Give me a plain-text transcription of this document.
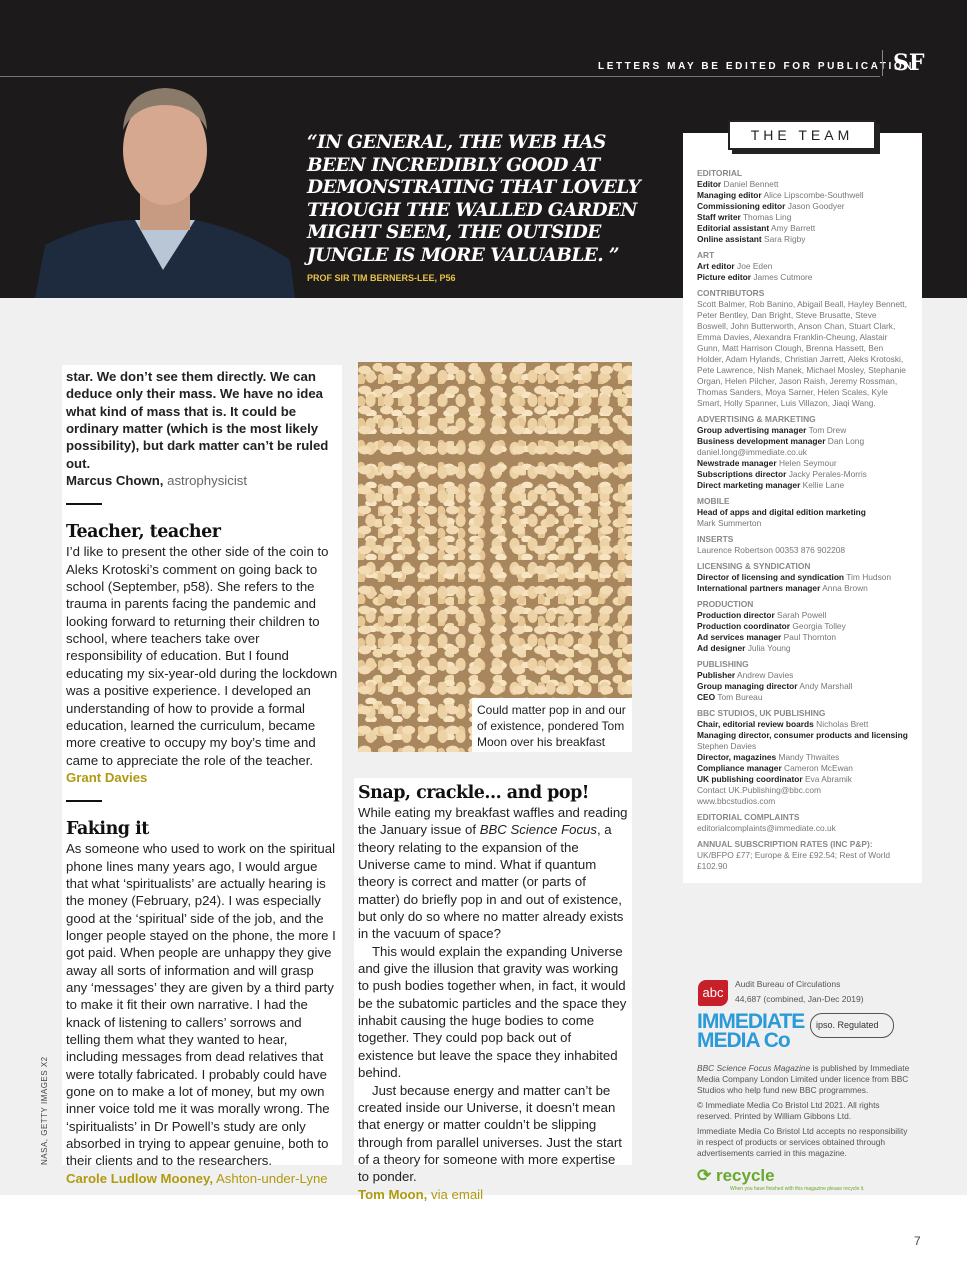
LETTERS MAY BE EDITED FOR PUBLICATION
SF
“IN GENERAL, THE WEB HAS BEEN INCREDIBLY GOOD AT DEMONSTRATING THAT LOVELY THOUGH THE WALLED GARDEN MIGHT SEEM, THE OUTSIDE JUNGLE IS MORE VALUABLE. ”
PROF SIR TIM BERNERS-LEE, P56

star. We don’t see them directly. We can deduce only their mass. We have no idea what kind of mass that is. It could be ordinary matter (which is the most likely possibility), but dark matter can’t be ruled out.

Marcus Chown, astrophysicist

Teacher, teacher

I’d like to present the other side of the coin to Aleks Krotoski’s comment on going back to school (September, p58). She refers to the trauma in parents facing the pandemic and looking forward to returning their children to school, where teachers take over responsibility of education. But I found educating my six-year-old during the lockdown was a positive experience. I developed an understanding of how to provide a formal education, learned the curriculum, became more creative to occupy my boy’s time and came to appreciate the role of the teacher.

Grant Davies

Faking it

As someone who used to work on the spiritual phone lines many years ago, I would argue that what ‘spiritualists’ are actually hearing is the money (February, p24). I was especially good at the ‘spiritual’ side of the job, and the longer people stayed on the phone, the more I got paid. When people are unhappy they give away all sorts of information and will grasp any ‘messages’ they are given by a third party to make it fit their own narrative. I had the knack of listening to callers’ sorrows and telling them what they wanted to hear, including messages from dead relatives that were totally fabricated. I probably could have gone on to make a lot of money, but my own inner voice told me it was morally wrong. The ‘spiritualists’ in Dr Powell’s study are only absorbed in trying to appear genuine, both to their clients and to the researchers.

Carole Ludlow Mooney, Ashton-under-Lyne

Could matter pop in and our of existence, pondered Tom Moon over his breakfast
Snap, crackle... and pop!

While eating my breakfast waffles and reading the January issue of BBC Science Focus, a theory relating to the expansion of the Universe came to mind. What if quantum theory is correct and matter (or parts of matter) do briefly pop in and out of existence, but only do so where no matter already exists in the vacuum of space?

This would explain the expanding Universe and give the illusion that gravity was working to push bodies together when, in fact, it would be the subatomic particles and the space they inhabit causing the huge bodies to come together. They could pop back out of existence but leave the space they inhabited behind.

Just because energy and matter can’t be created inside our Universe, it doesn’t mean that energy or matter couldn’t be slipping through from parallel universes. Just the start of a theory for someone with more expertise to ponder.

Tom Moon, via email

EDITORIAL
Editor Daniel Bennett
Managing editor Alice Lipscombe-Southwell
Commissioning editor Jason Goodyer
Staff writer Thomas Ling
Editorial assistant Amy Barrett
Online assistant Sara Rigby
ART
Art editor Joe Eden
Picture editor James Cutmore
CONTRIBUTORS
Scott Balmer, Rob Banino, Abigail Beall, Hayley Bennett, Peter Bentley, Dan Bright, Steve Brusatte, Steve Boswell, John Butterworth, Anson Chan, Stuart Clark, Emma Davies, Alexandra Franklin-Cheung, Alastair Gunn, Matt Harrison Clough, Brenna Hassett, Ben Holder, Adam Hylands, Christian Jarrett, Aleks Krotoski, Pete Lawrence, Nish Manek, Michael Mosley, Stephanie Organ, Helen Pilcher, Jason Raish, Jeremy Rossman, Thomas Sanders, Moya Sarner, Helen Scales, Kyle Smart, Holly Spanner, Luis Villazon, Jiaqi Wang.
ADVERTISING & MARKETING
Group advertising manager Tom Drew
Business development manager Dan Long
daniel.long@immediate.co.uk
Newstrade manager Helen Seymour
Subscriptions director Jacky Perales-Morris
Direct marketing manager Kellie Lane
MOBILE
Head of apps and digital edition marketing
Mark Summerton
INSERTS
Laurence Robertson 00353 876 902208
LICENSING & SYNDICATION
Director of licensing and syndication Tim Hudson
International partners manager Anna Brown
PRODUCTION
Production director Sarah Powell
Production coordinator Georgia Tolley
Ad services manager Paul Thornton
Ad designer Julia Young
PUBLISHING
Publisher Andrew Davies
Group managing director Andy Marshall
CEO Tom Bureau
BBC STUDIOS, UK PUBLISHING
Chair, editorial review boards Nicholas Brett
Managing director, consumer products and licensing
Stephen Davies
Director, magazines Mandy Thwaites
Compliance manager Cameron McEwan
UK publishing coordinator Eva Abramik
Contact UK.Publishing@bbc.com
www.bbcstudios.com
EDITORIAL COMPLAINTS
editorialcomplaints@immediate.co.uk
ANNUAL SUBSCRIPTION RATES (INC P&P):
UK/BFPO £77; Europe & Eire £92.54; Rest of World £102.90
THE TEAM
abc
Audit Bureau of Circulations
44,687 (combined, Jan-Dec 2019)
IMMEDIATE MEDIA Co
ipso. Regulated

BBC Science Focus Magazine is published by Immediate Media Company London Limited under licence from BBC Studios who help fund new BBC programmes.

© Immediate Media Co Bristol Ltd 2021. All rights reserved. Printed by William Gibbons Ltd.

Immediate Media Co Bristol Ltd accepts no responsibility in respect of products or services obtained through advertisements carried in this magazine.

⟳ recycle
When you have finished with this magazine please recycle it.
NASA, GETTY IMAGES X2
7
